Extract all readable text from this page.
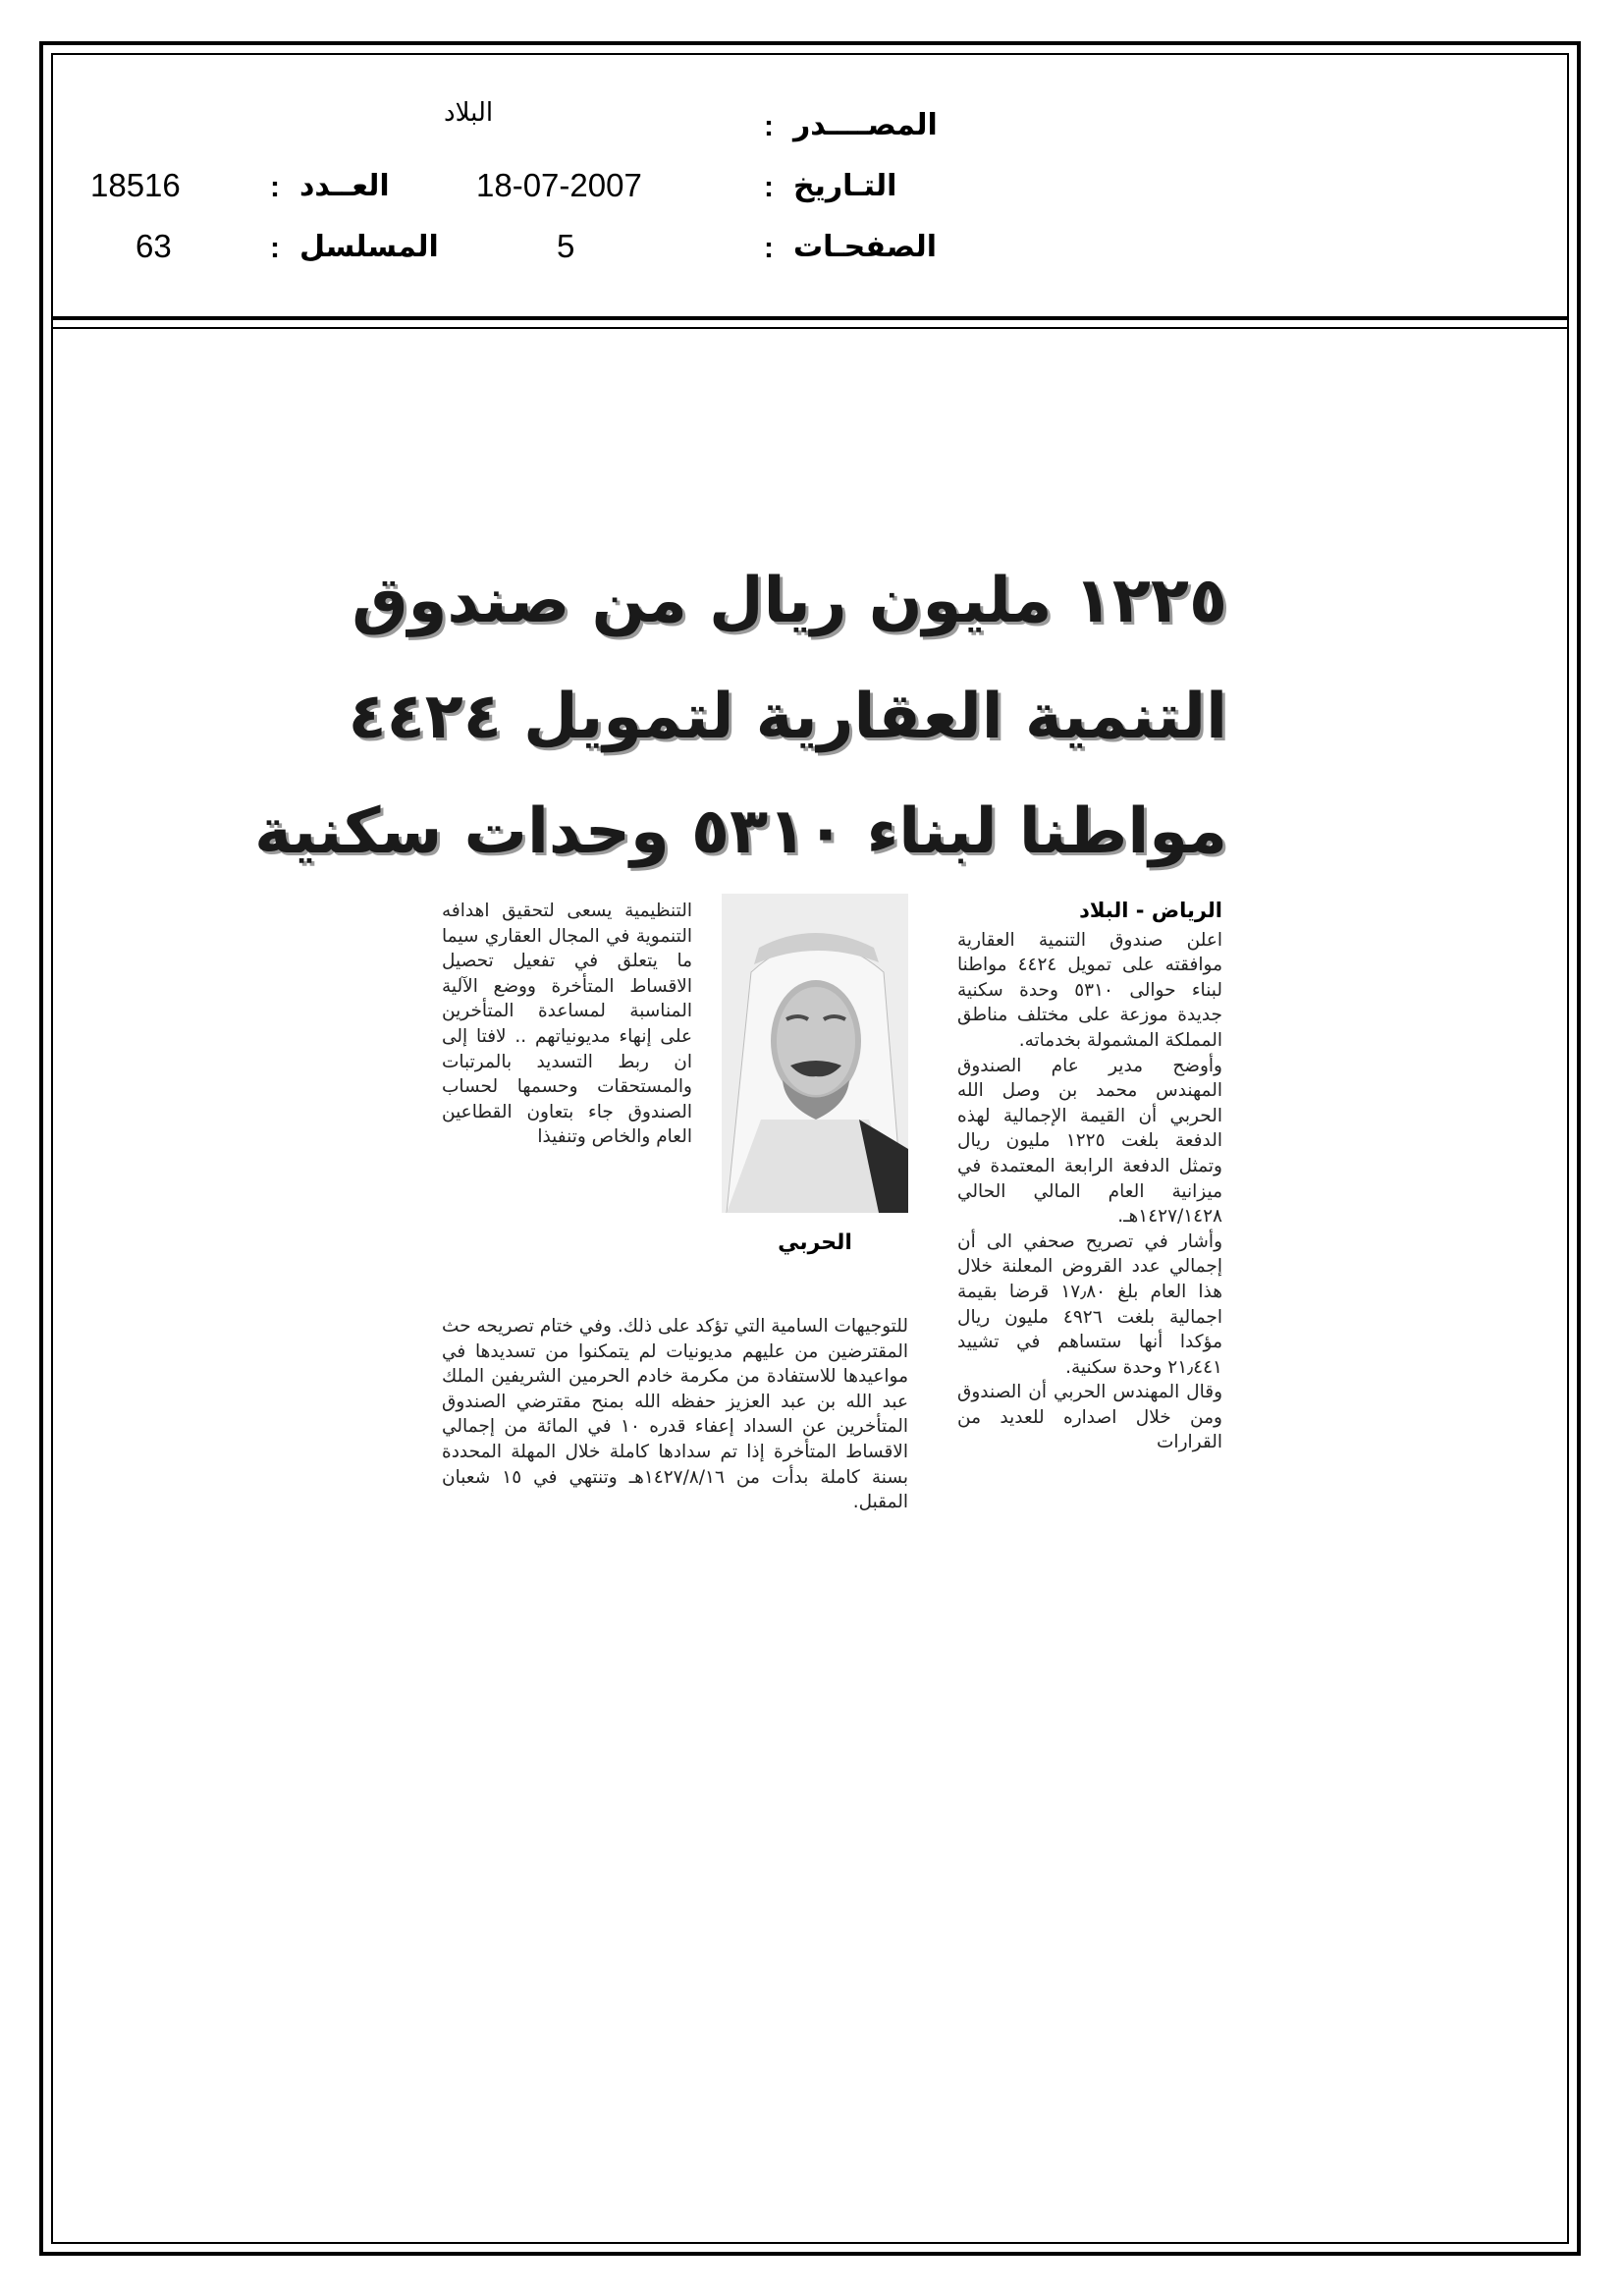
البلاد	: المصــــدر
18516	: العــدد	18-07-2007	: التـاريخ
63	: المسلسل	5	: الصفحـات
١٢٢٥ مليون ريال من صندوق
التنمية العقارية لتمويل ٤٤٢٤
مواطنا لبناء ٥٣١٠ وحدات سكنية
الرياض - البلاد

اعلن صندوق التنمية العقارية موافقته على تمويل ٤٤٢٤ مواطنا لبناء حوالى ٥٣١٠ وحدة سكنية جديدة موزعة على مختلف مناطق المملكة المشمولة بخدماته.

وأوضح مدير عام الصندوق المهندس محمد بن وصل الله الحربي أن القيمة الإجمالية لهذه الدفعة بلغت ١٢٢٥ مليون ريال وتمثل الدفعة الرابعة المعتمدة في ميزانية العام المالي الحالي ١٤٢٧/١٤٢٨هـ.

وأشار في تصريح صحفي الى أن إجمالي عدد القروض المعلنة خلال هذا العام بلغ ١٧٫٨٠ قرضا بقيمة اجمالية بلغت ٤٩٢٦ مليون ريال مؤكدا أنها ستساهم في تشييد ٢١٫٤٤١ وحدة سكنية.

وقال المهندس الحربي أن الصندوق ومن خلال اصداره للعديد من القرارات

الحربي

التنظيمية يسعى لتحقيق اهدافه التنموية في المجال العقاري سيما ما يتعلق في تفعيل تحصيل الاقساط المتأخرة ووضع الآلية المناسبة لمساعدة المتأخرين على إنهاء مديونياتهم .. لافتا إلى ان ربط التسديد بالمرتبات والمستحقات وحسمها لحساب الصندوق جاء بتعاون القطاعين العام والخاص وتنفيذا

للتوجيهات السامية التي تؤكد على ذلك. وفي ختام تصريحه حث المقترضين من عليهم مديونيات لم يتمكنوا من تسديدها في مواعيدها للاستفادة من مكرمة خادم الحرمين الشريفين الملك عبد الله بن عبد العزيز حفظه الله بمنح مقترضي الصندوق المتأخرين عن السداد إعفاء قدره ١٠ في المائة من إجمالي الاقساط المتأخرة إذا تم سدادها كاملة خلال المهلة المحددة بسنة كاملة بدأت من ١٤٢٧/٨/١٦هـ وتنتهي في ١٥ شعبان المقبل.
